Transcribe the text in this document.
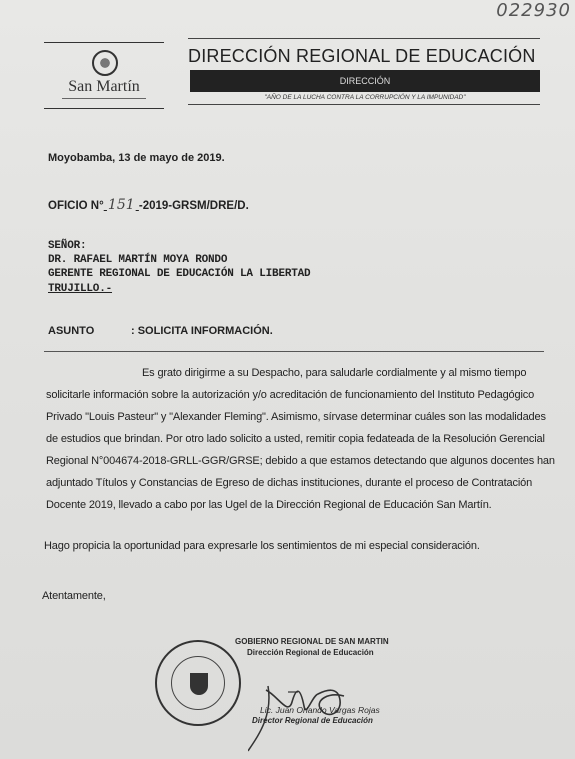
022930
San Martín
DIRECCIÓN REGIONAL DE EDUCACIÓN
DIRECCIÓN
"AÑO DE LA LUCHA CONTRA LA CORRUPCIÓN Y LA IMPUNIDAD"
Moyobamba, 13 de mayo de 2019.
OFICIO N° 151 -2019-GRSM/DRE/D.
SEÑOR:
DR. RAFAEL MARTÍN MOYA RONDO
GERENTE REGIONAL DE EDUCACIÓN LA LIBERTAD
TRUJILLO.-
ASUNTO	: SOLICITA INFORMACIÓN.
Es grato dirigirme a su Despacho, para saludarle cordialmente y al mismo tiempo
solicitarle información sobre la autorización y/o acreditación de funcionamiento del Instituto Pedagógico
Privado "Louis Pasteur" y "Alexander Fleming". Asimismo, sírvase determinar cuáles son las modalidades
de estudios que brindan. Por otro lado solicito a usted, remitir copia fedateada de la Resolución Gerencial
Regional N°004674-2018-GRLL-GGR/GRSE; debido a que estamos detectando que algunos docentes han
adjuntado Títulos y Constancias de Egreso de dichas instituciones, durante el proceso de Contratación
Docente 2019, llevado a cabo por las Ugel de la Dirección Regional de Educación San Martín.
Hago propicia la oportunidad para expresarle los sentimientos de mi especial consideración.
Atentamente,
GOBIERNO REGIONAL DE SAN MARTIN
Dirección Regional de Educación
Lic. Juan Orlando Vargas Rojas
Director Regional de Educación
